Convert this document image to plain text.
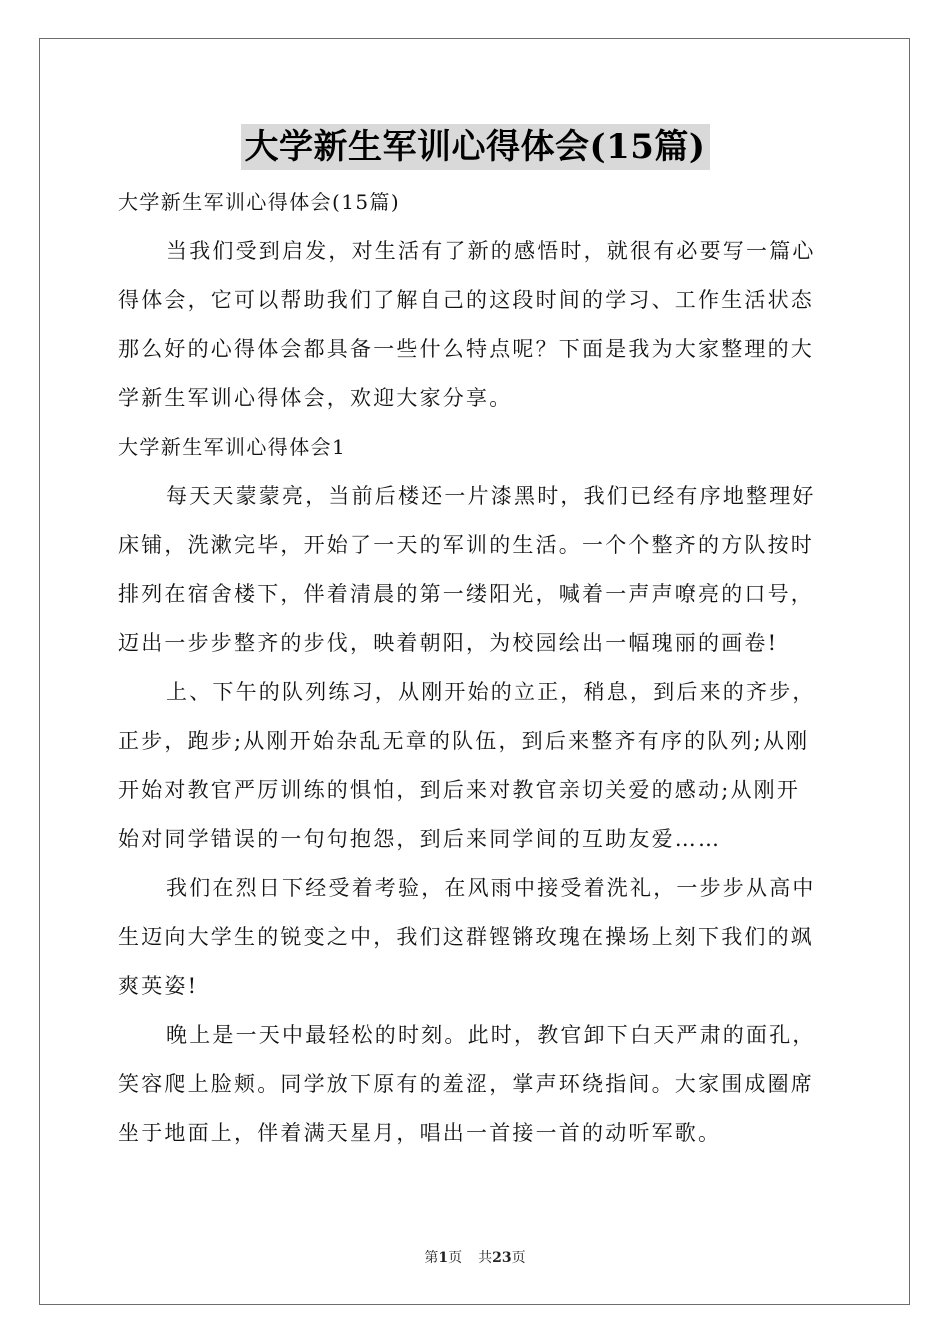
大学新生军训心得体会(15篇)
大学新生军训心得体会(15篇)
当我们受到启发，对生活有了新的感悟时，就很有必要写一篇心
得体会，它可以帮助我们了解自己的这段时间的学习、工作生活状态
那么好的心得体会都具备一些什么特点呢？下面是我为大家整理的大
学新生军训心得体会，欢迎大家分享。
大学新生军训心得体会1
每天天蒙蒙亮，当前后楼还一片漆黑时，我们已经有序地整理好
床铺，洗漱完毕，开始了一天的军训的生活。一个个整齐的方队按时
排列在宿舍楼下，伴着清晨的第一缕阳光，喊着一声声嘹亮的口号，
迈出一步步整齐的步伐，映着朝阳，为校园绘出一幅瑰丽的画卷!
上、下午的队列练习，从刚开始的立正，稍息，到后来的齐步，
正步，跑步;从刚开始杂乱无章的队伍，到后来整齐有序的队列;从刚
开始对教官严厉训练的惧怕，到后来对教官亲切关爱的感动;从刚开
始对同学错误的一句句抱怨，到后来同学间的互助友爱……
我们在烈日下经受着考验，在风雨中接受着洗礼，一步步从高中
生迈向大学生的锐变之中，我们这群铿锵玫瑰在操场上刻下我们的飒
爽英姿!
晚上是一天中最轻松的时刻。此时，教官卸下白天严肃的面孔，
笑容爬上脸颊。同学放下原有的羞涩，掌声环绕指间。大家围成圈席
坐于地面上，伴着满天星月，唱出一首接一首的动听军歌。
第1页 共23页
